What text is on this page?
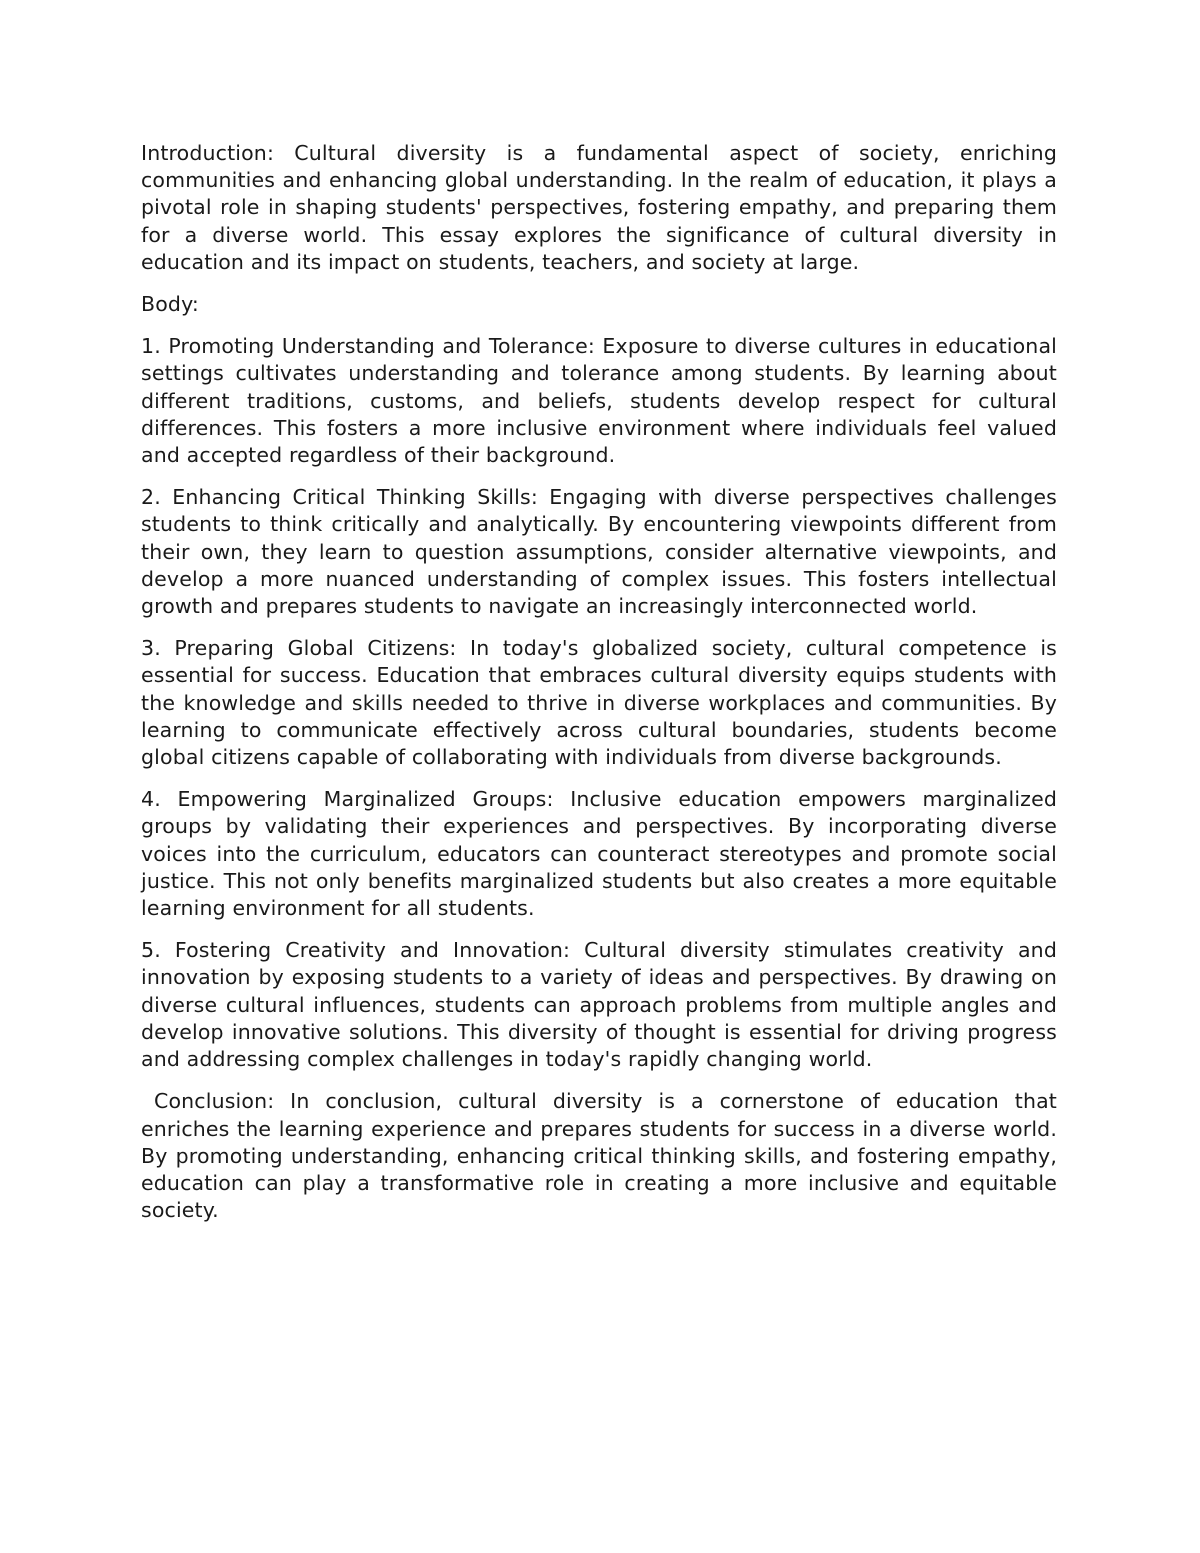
Introduction: Cultural diversity is a fundamental aspect of society, enriching communities and enhancing global understanding. In the realm of education, it plays a pivotal role in shaping students' perspectives, fostering empathy, and preparing them for a diverse world. This essay explores the significance of cultural diversity in education and its impact on students, teachers, and society at large.

Body:

1. Promoting Understanding and Tolerance: Exposure to diverse cultures in educational settings cultivates understanding and tolerance among students. By learning about different traditions, customs, and beliefs, students develop respect for cultural differences. This fosters a more inclusive environment where individuals feel valued and accepted regardless of their background.

2. Enhancing Critical Thinking Skills: Engaging with diverse perspectives challenges students to think critically and analytically. By encountering viewpoints different from their own, they learn to question assumptions, consider alternative viewpoints, and develop a more nuanced understanding of complex issues. This fosters intellectual growth and prepares students to navigate an increasingly interconnected world.

3. Preparing Global Citizens: In today's globalized society, cultural competence is essential for success. Education that embraces cultural diversity equips students with the knowledge and skills needed to thrive in diverse workplaces and communities. By learning to communicate effectively across cultural boundaries, students become global citizens capable of collaborating with individuals from diverse backgrounds.

4. Empowering Marginalized Groups: Inclusive education empowers marginalized groups by validating their experiences and perspectives. By incorporating diverse voices into the curriculum, educators can counteract stereotypes and promote social justice. This not only benefits marginalized students but also creates a more equitable learning environment for all students.

5. Fostering Creativity and Innovation: Cultural diversity stimulates creativity and innovation by exposing students to a variety of ideas and perspectives. By drawing on diverse cultural influences, students can approach problems from multiple angles and develop innovative solutions. This diversity of thought is essential for driving progress and addressing complex challenges in today's rapidly changing world.

Conclusion: In conclusion, cultural diversity is a cornerstone of education that enriches the learning experience and prepares students for success in a diverse world. By promoting understanding, enhancing critical thinking skills, and fostering empathy, education can play a transformative role in creating a more inclusive and equitable society.
